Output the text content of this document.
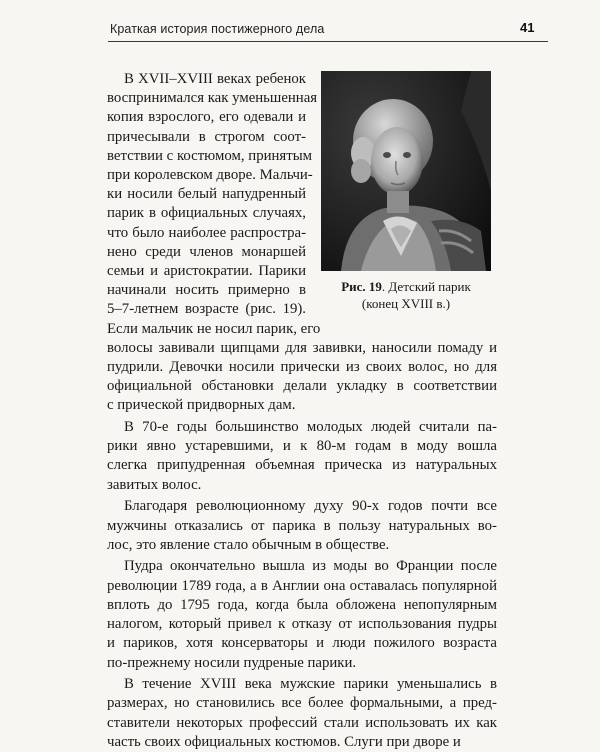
Краткая история постижерного дела	41
Рис. 19. Детский парик
(конец XVIII в.)
В XVII–XVIII веках ребенок
воспринимался как уменьшенная
копия взрослого, его одевали и
причесывали в строгом соот-
ветствии с костюмом, принятым
при королевском дворе. Мальчи-
ки носили белый напудренный
парик в официальных случаях,
что было наиболее распростра-
нено среди членов монаршей
семьи и аристократии. Парики
начинали носить примерно в
5–7-летнем возрасте (рис. 19).
Если мальчик не носил парик, его
волосы завивали щипцами для завивки, наносили помаду и
пудрили. Девочки носили прически из своих волос, но для
официальной обстановки делали укладку в соответствии
с прической придворных дам.
В 70-е годы большинство молодых людей считали па-
рики явно устаревшими, и к 80-м годам в моду вошла
слегка припудренная объемная прическа из натуральных
завитых волос.
Благодаря революционному духу 90-х годов почти все
мужчины отказались от парика в пользу натуральных во-
лос, это явление стало обычным в обществе.
Пудра окончательно вышла из моды во Франции после
революции 1789 года, а в Англии она оставалась популярной
вплоть до 1795 года, когда была обложена непопулярным
налогом, который привел к отказу от использования пудры
и париков, хотя консерваторы и люди пожилого возраста
по-прежнему носили пудреные парики.
В течение XVIII века мужские парики уменьшались в
размерах, но становились все более формальными, а пред-
ставители некоторых профессий стали использовать их как
часть своих официальных костюмов. Слуги при дворе и
